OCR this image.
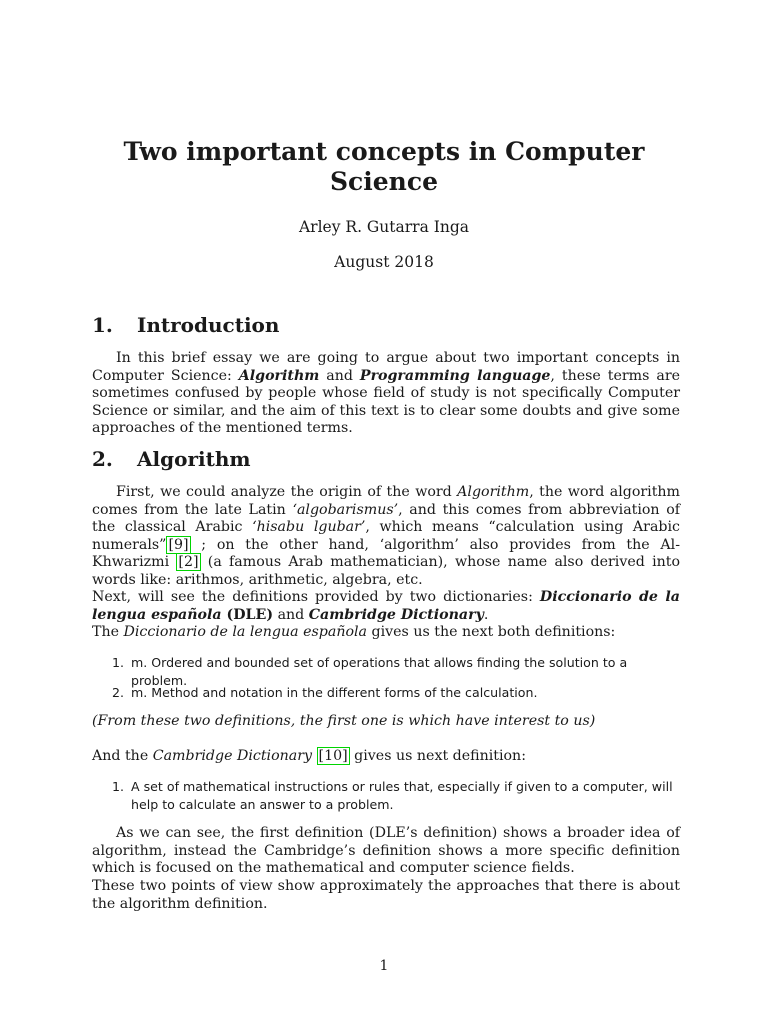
Two important concepts in Computer Science
Arley R. Gutarra Inga
August 2018
1. Introduction

In this brief essay we are going to argue about two important concepts in Computer Science: Algorithm and Programming language, these terms are sometimes confused by people whose field of study is not specifically Computer Science or similar, and the aim of this text is to clear some doubts and give some approaches of the mentioned terms.

2. Algorithm

First, we could analyze the origin of the word Algorithm, the word algorithm comes from the late Latin ‘algobarismus’, and this comes from abbreviation of the classical Arabic ‘hisabu lgubar’, which means “calculation using Arabic numerals” [9] ; on the other hand, ‘algorithm’ also provides from the Al- Khwarizmi [2] (a famous Arab mathematician), whose name also derived into words like: arithmos, arithmetic, algebra, etc.

Next, will see the definitions provided by two dictionaries: Diccionario de la lengua española (DLE) and Cambridge Dictionary.
The Diccionario de la lengua española gives us the next both definitions:

1. m. Ordered and bounded set of operations that allows finding the solution to a problem.
2. m. Method and notation in the different forms of the calculation.

(From these two definitions, the first one is which have interest to us)

And the Cambridge Dictionary [10] gives us next definition:

1. A set of mathematical instructions or rules that, especially if given to a computer, will help to calculate an answer to a problem.

As we can see, the first definition (DLE’s definition) shows a broader idea of algorithm, instead the Cambridge’s definition shows a more specific definition which is focused on the mathematical and computer science fields.

These two points of view show approximately the approaches that there is about the algorithm definition.

1
